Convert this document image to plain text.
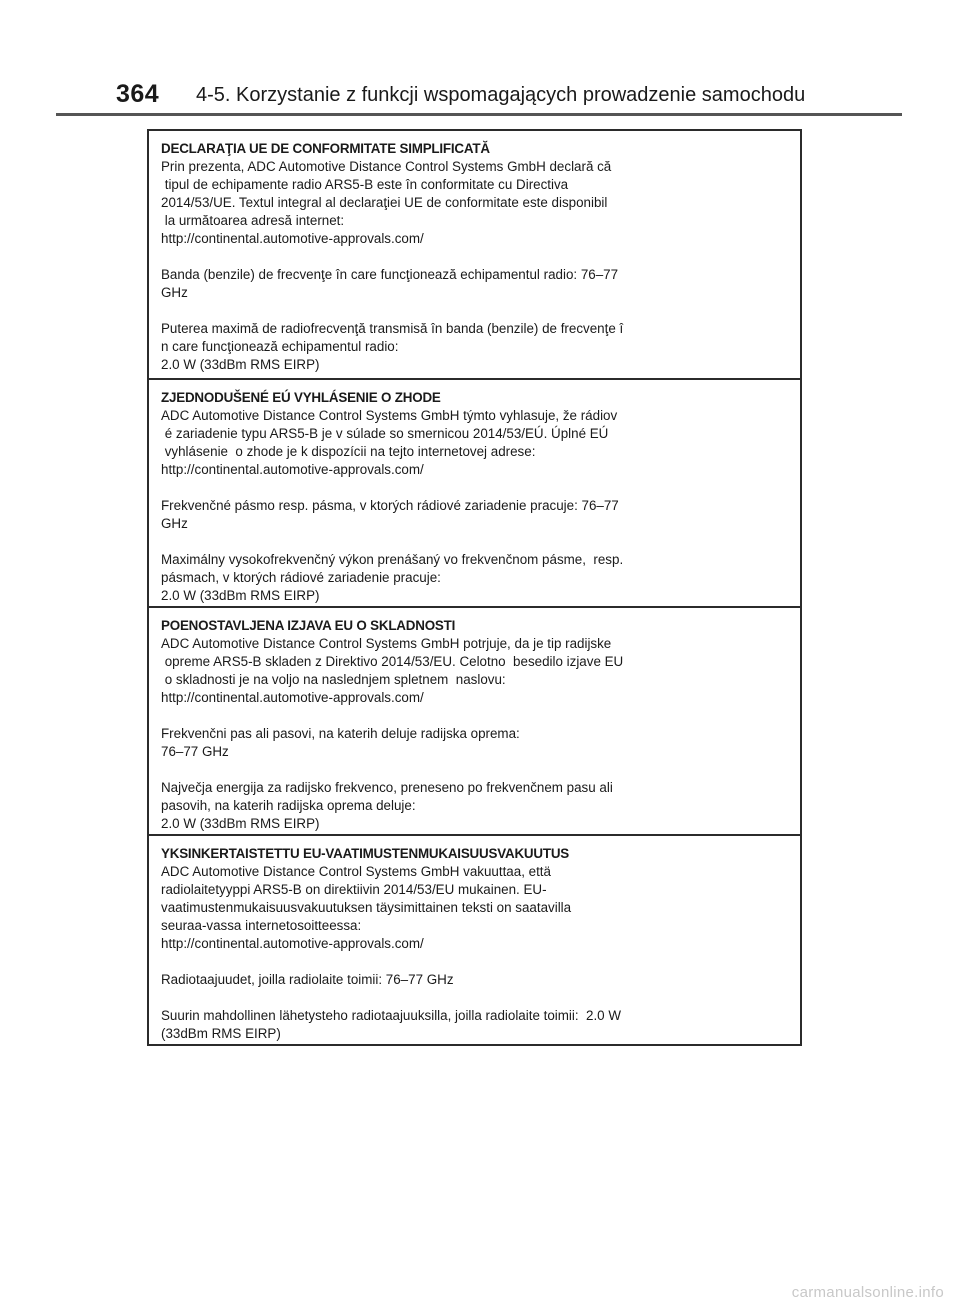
364 4-5. Korzystanie z funkcji wspomagających prowadzenie samochodu
DECLARAŢIA UE DE CONFORMITATE SIMPLIFICATĂ
Prin prezenta, ADC Automotive Distance Control Systems GmbH declară că
tipul de echipamente radio ARS5-B este în conformitate cu Directiva
2014/53/UE. Textul integral al declaraţiei UE de conformitate este disponibil
la următoarea adresă internet:
http://continental.automotive-approvals.com/
Banda (benzile) de frecvenţe în care funcţionează echipamentul radio: 76–77
GHz
Puterea maximă de radiofrecvenţă transmisă în banda (benzile) de frecvenţe î
n care funcţionează echipamentul radio:
2.0 W (33dBm RMS EIRP)
ZJEDNODUŠENÉ EÚ VYHLÁSENIE O ZHODE
ADC Automotive Distance Control Systems GmbH týmto vyhlasuje, že rádiov
é zariadenie typu ARS5-B je v súlade so smernicou 2014/53/EÚ. Úplné EÚ
vyhlásenie  o zhode je k dispozícii na tejto internetovej adrese:
http://continental.automotive-approvals.com/
Frekvenčné pásmo resp. pásma, v ktorých rádiové zariadenie pracuje: 76–77
GHz
Maximálny vysokofrekvenčný výkon prenášaný vo frekvenčnom pásme,  resp.
pásmach, v ktorých rádiové zariadenie pracuje:
2.0 W (33dBm RMS EIRP)
POENOSTAVLJENA IZJAVA EU O SKLADNOSTI
ADC Automotive Distance Control Systems GmbH potrjuje, da je tip radijske
opreme ARS5-B skladen z Direktivo 2014/53/EU. Celotno  besedilo izjave EU
o skladnosti je na voljo na naslednjem spletnem  naslovu:
http://continental.automotive-approvals.com/
Frekvenčni pas ali pasovi, na katerih deluje radijska oprema:
76–77 GHz
Največja energija za radijsko frekvenco, preneseno po frekvenčnem pasu ali
pasovih, na katerih radijska oprema deluje:
2.0 W (33dBm RMS EIRP)
YKSINKERTAISTETTU EU-VAATIMUSTENMUKAISUUSVAKUUTUS
ADC Automotive Distance Control Systems GmbH vakuuttaa, että
radiolaitetyyppi ARS5-B on direktiivin 2014/53/EU mukainen. EU-
vaatimustenmukaisuusvakuutuksen täysimittainen teksti on saatavilla
seuraa-vassa internetosoitteessa:
http://continental.automotive-approvals.com/
Radiotaajuudet, joilla radiolaite toimii: 76–77 GHz
Suurin mahdollinen lähetysteho radiotaajuuksilla, joilla radiolaite toimii:  2.0 W
(33dBm RMS EIRP)
carmanualsonline.info
